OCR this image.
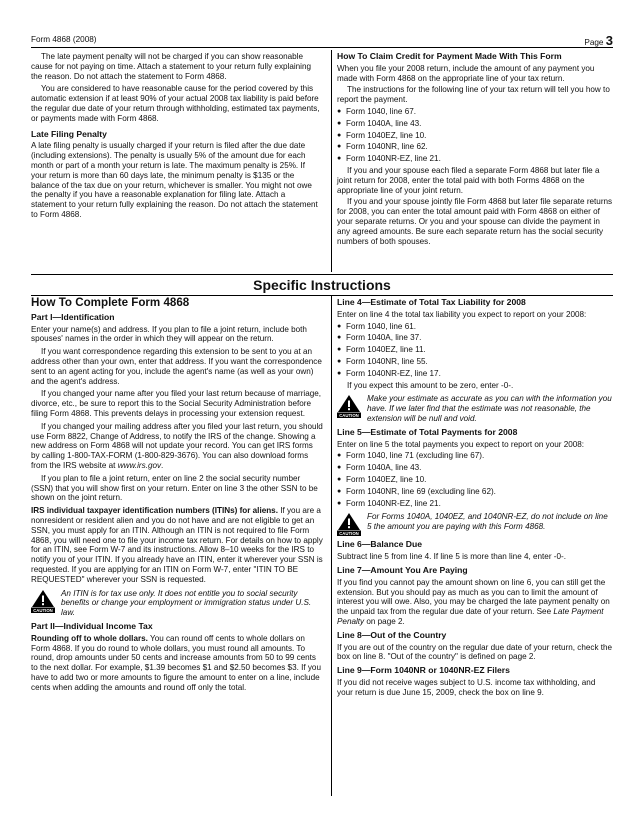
Form 4868 (2008)	Page 3

The late payment penalty will not be charged if you can show reasonable cause for not paying on time. Attach a statement to your return fully explaining the reason. Do not attach the statement to Form 4868.

You are considered to have reasonable cause for the period covered by this automatic extension if at least 90% of your actual 2008 tax liability is paid before the regular due date of your return through withholding, estimated tax payments, or payments made with Form 4868.

Late Filing Penalty

A late filing penalty is usually charged if your return is filed after the due date (including extensions). The penalty is usually 5% of the amount due for each month or part of a month your return is late. The maximum penalty is 25%. If your return is more than 60 days late, the minimum penalty is $135 or the balance of the tax due on your return, whichever is smaller. You might not owe the penalty if you have a reasonable explanation for filing late. Attach a statement to your return fully explaining the reason. Do not attach the statement to Form 4868.

How To Claim Credit for Payment Made With This Form

When you file your 2008 return, include the amount of any payment you made with Form 4868 on the appropriate line of your tax return.

The instructions for the following line of your tax return will tell you how to report the payment.

● Form 1040, line 67.
● Form 1040A, line 43.
● Form 1040EZ, line 10.
● Form 1040NR, line 62.
● Form 1040NR-EZ, line 21.

If you and your spouse each filed a separate Form 4868 but later file a joint return for 2008, enter the total paid with both Forms 4868 on the appropriate line of your joint return.

If you and your spouse jointly file Form 4868 but later file separate returns for 2008, you can enter the total amount paid with Form 4868 on either of your separate returns. Or you and your spouse can divide the payment in any agreed amounts. Be sure each separate return has the social security numbers of both spouses.

Specific Instructions

How To Complete Form 4868

Part I—Identification

Enter your name(s) and address. If you plan to file a joint return, include both spouses' names in the order in which they will appear on the return.

If you want correspondence regarding this extension to be sent to you at an address other than your own, enter that address. If you want the correspondence sent to an agent acting for you, include the agent's name (as well as your own) and the agent's address.

If you changed your name after you filed your last return because of marriage, divorce, etc., be sure to report this to the Social Security Administration before filing Form 4868. This prevents delays in processing your extension request.

If you changed your mailing address after you filed your last return, you should use Form 8822, Change of Address, to notify the IRS of the change. Showing a new address on Form 4868 will not update your record. You can get IRS forms by calling 1-800-TAX-FORM (1-800-829-3676). You can also download forms from the IRS website at www.irs.gov.

If you plan to file a joint return, enter on line 2 the social security number (SSN) that you will show first on your return. Enter on line 3 the other SSN to be shown on the joint return.

IRS individual taxpayer identification numbers (ITINs) for aliens. If you are a nonresident or resident alien and you do not have and are not eligible to get an SSN, you must apply for an ITIN. Although an ITIN is not required to file Form 4868, you will need one to file your income tax return. For details on how to apply for an ITIN, see Form W-7 and its instructions. Allow 8–10 weeks for the IRS to notify you of your ITIN. If you already have an ITIN, enter it wherever your SSN is requested. If you are applying for an ITIN on Form W-7, enter "ITIN TO BE REQUESTED" wherever your SSN is requested.

CAUTION
An ITIN is for tax use only. It does not entitle you to social security benefits or change your employment or immigration status under U.S. law.

Part II—Individual Income Tax

Rounding off to whole dollars. You can round off cents to whole dollars on Form 4868. If you do round to whole dollars, you must round all amounts. To round, drop amounts under 50 cents and increase amounts from 50 to 99 cents to the next dollar. For example, $1.39 becomes $1 and $2.50 becomes $3. If you have to add two or more amounts to figure the amount to enter on a line, include cents when adding the amounts and round off only the total.

Line 4—Estimate of Total Tax Liability for 2008

Enter on line 4 the total tax liability you expect to report on your 2008:

● Form 1040, line 61.
● Form 1040A, line 37.
● Form 1040EZ, line 11.
● Form 1040NR, line 55.
● Form 1040NR-EZ, line 17.

If you expect this amount to be zero, enter -0-.

CAUTION
Make your estimate as accurate as you can with the information you have. If we later find that the estimate was not reasonable, the extension will be null and void.

Line 5—Estimate of Total Payments for 2008

Enter on line 5 the total payments you expect to report on your 2008:

● Form 1040, line 71 (excluding line 67).
● Form 1040A, line 43.
● Form 1040EZ, line 10.
● Form 1040NR, line 69 (excluding line 62).
● Form 1040NR-EZ, line 21.
CAUTION
For Forms 1040A, 1040EZ, and 1040NR-EZ, do not include on line 5 the amount you are paying with this Form 4868.

Line 6—Balance Due

Subtract line 5 from line 4. If line 5 is more than line 4, enter -0-.

Line 7—Amount You Are Paying

If you find you cannot pay the amount shown on line 6, you can still get the extension. But you should pay as much as you can to limit the amount of interest you will owe. Also, you may be charged the late payment penalty on the unpaid tax from the regular due date of your return. See Late Payment Penalty on page 2.

Line 8—Out of the Country

If you are out of the country on the regular due date of your return, check the box on line 8. "Out of the country" is defined on page 2.

Line 9—Form 1040NR or 1040NR-EZ Filers

If you did not receive wages subject to U.S. income tax withholding, and your return is due June 15, 2009, check the box on line 9.
